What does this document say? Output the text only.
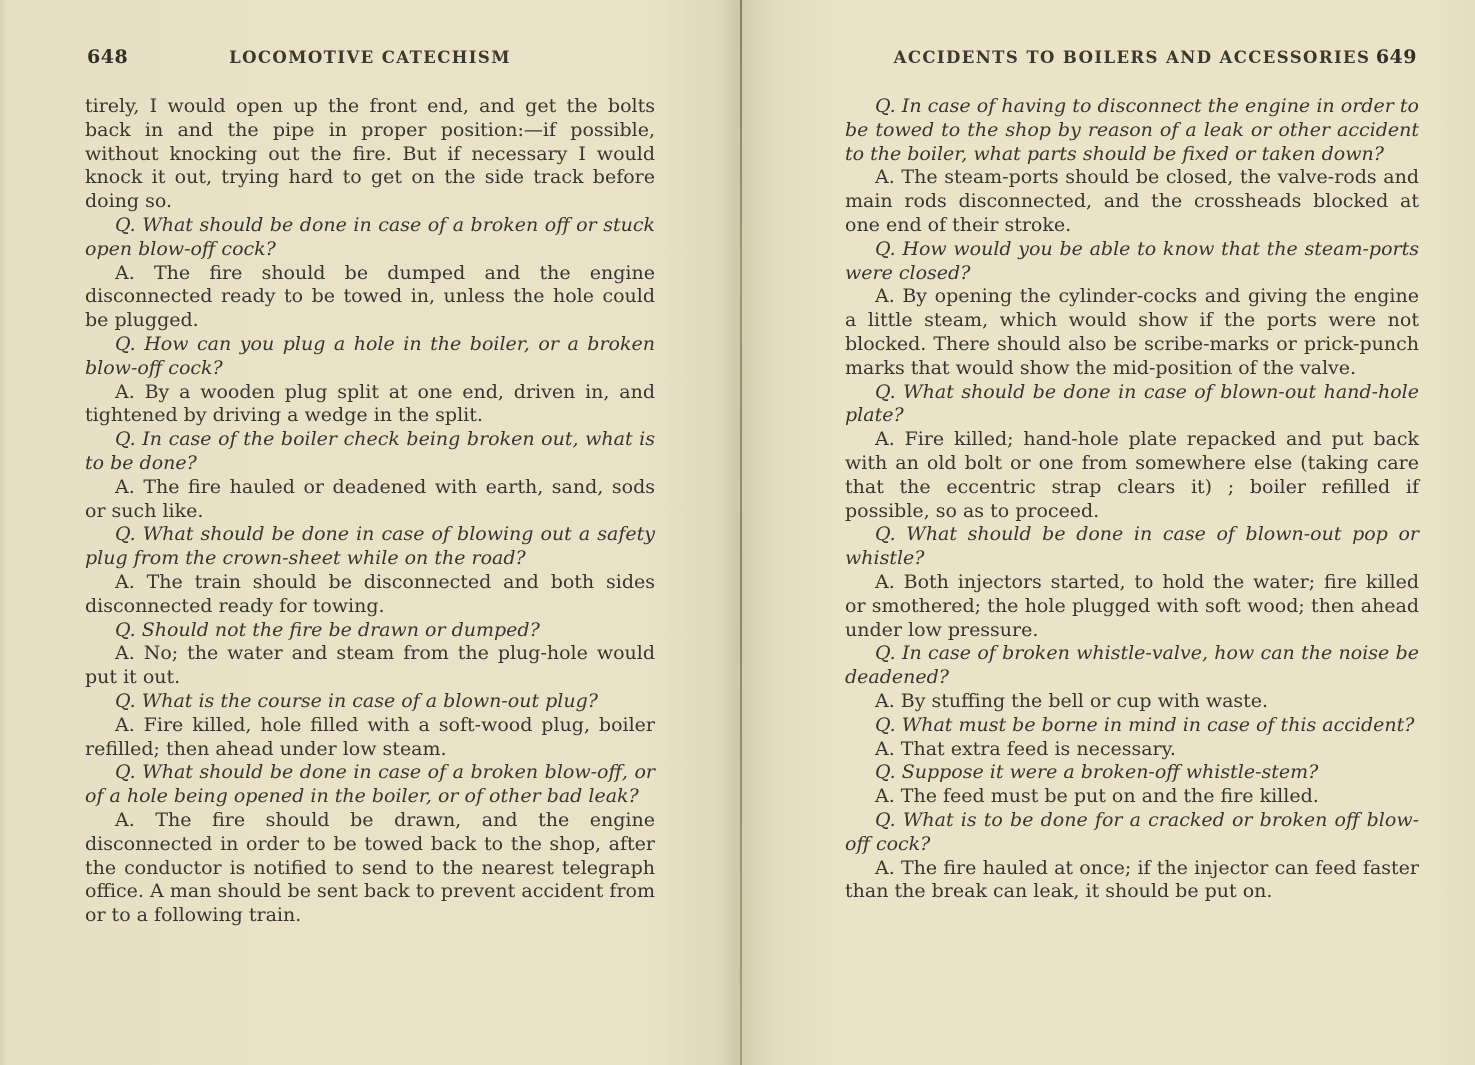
648	LOCOMOTIVE CATECHISM

tirely, I would open up the front end, and get the bolts back in and the pipe in proper position:—if possible, without knocking out the fire. But if necessary I would knock it out, trying hard to get on the side track before doing so.

Q. What should be done in case of a broken off or stuck open blow-off cock?

A. The fire should be dumped and the engine disconnected ready to be towed in, unless the hole could be plugged.

Q. How can you plug a hole in the boiler, or a broken blow-off cock?

A. By a wooden plug split at one end, driven in, and tightened by driving a wedge in the split.

Q. In case of the boiler check being broken out, what is to be done?

A. The fire hauled or deadened with earth, sand, sods or such like.

Q. What should be done in case of blowing out a safety plug from the crown-sheet while on the road?

A. The train should be disconnected and both sides disconnected ready for towing.

Q. Should not the fire be drawn or dumped?

A. No; the water and steam from the plug-hole would put it out.

Q. What is the course in case of a blown-out plug?

A. Fire killed, hole filled with a soft-wood plug, boiler refilled; then ahead under low steam.

Q. What should be done in case of a broken blow-off, or of a hole being opened in the boiler, or of other bad leak?

A. The fire should be drawn, and the engine disconnected in order to be towed back to the shop, after the conductor is notified to send to the nearest telegraph office. A man should be sent back to prevent accident from or to a following train.

ACCIDENTS TO BOILERS AND ACCESSORIES 649

Q. In case of having to disconnect the engine in order to be towed to the shop by reason of a leak or other accident to the boiler, what parts should be fixed or taken down?

A. The steam-ports should be closed, the valve-rods and main rods disconnected, and the crossheads blocked at one end of their stroke.

Q. How would you be able to know that the steam-ports were closed?

A. By opening the cylinder-cocks and giving the engine a little steam, which would show if the ports were not blocked. There should also be scribe-marks or prick-punch marks that would show the mid-position of the valve.

Q. What should be done in case of blown-out hand-hole plate?

A. Fire killed; hand-hole plate repacked and put back with an old bolt or one from somewhere else (taking care that the eccentric strap clears it) ; boiler refilled if possible, so as to proceed.

Q. What should be done in case of blown-out pop or whistle?

A. Both injectors started, to hold the water; fire killed or smothered; the hole plugged with soft wood; then ahead under low pressure.

Q. In case of broken whistle-valve, how can the noise be deadened?

A. By stuffing the bell or cup with waste.

Q. What must be borne in mind in case of this accident?

A. That extra feed is necessary.

Q. Suppose it were a broken-off whistle-stem?

A. The feed must be put on and the fire killed.

Q. What is to be done for a cracked or broken off blow-off cock?

A. The fire hauled at once; if the injector can feed faster than the break can leak, it should be put on.
